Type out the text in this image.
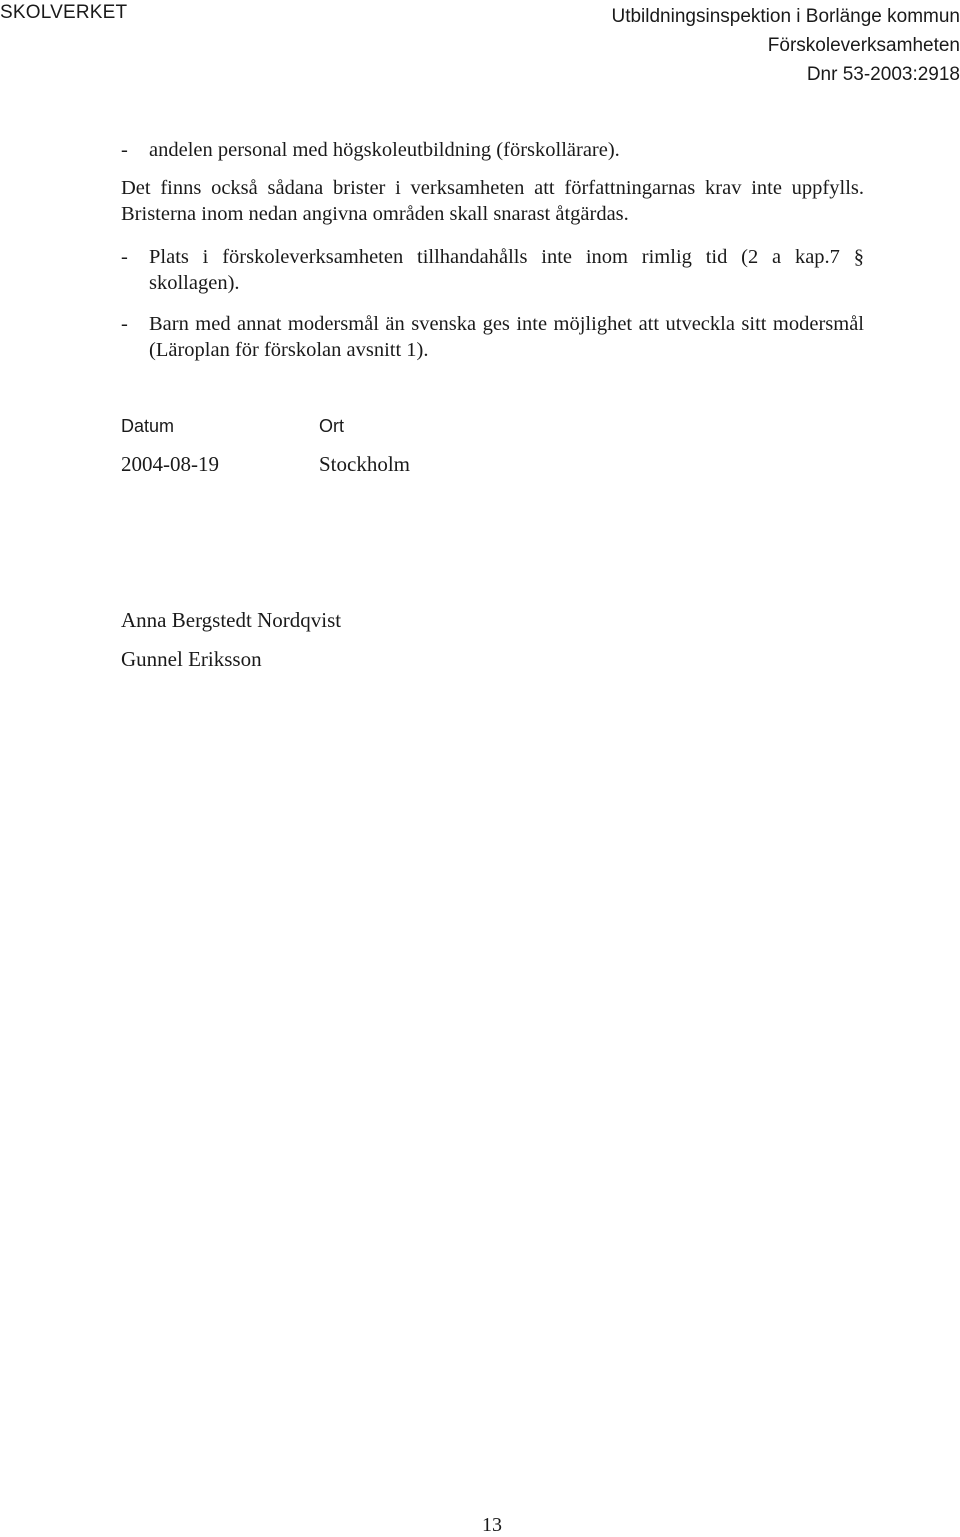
SKOLVERKET	Utbildningsinspektion i Borlänge kommun
Förskoleverksamheten
Dnr 53-2003:2918
- andelen personal med högskoleutbildning (förskollärare).
Det finns också sådana brister i verksamheten att författningarnas krav inte uppfylls. Bristerna inom nedan angivna områden skall snarast åtgärdas.
- Plats i förskoleverksamheten tillhandahålls inte inom rimlig tid (2 a kap.7 § skollagen).
- Barn med annat modersmål än svenska ges inte möjlighet att utveckla sitt modersmål (Läroplan för förskolan avsnitt 1).
Datum	Ort
2004-08-19	Stockholm
Anna Bergstedt Nordqvist
Gunnel Eriksson
13
